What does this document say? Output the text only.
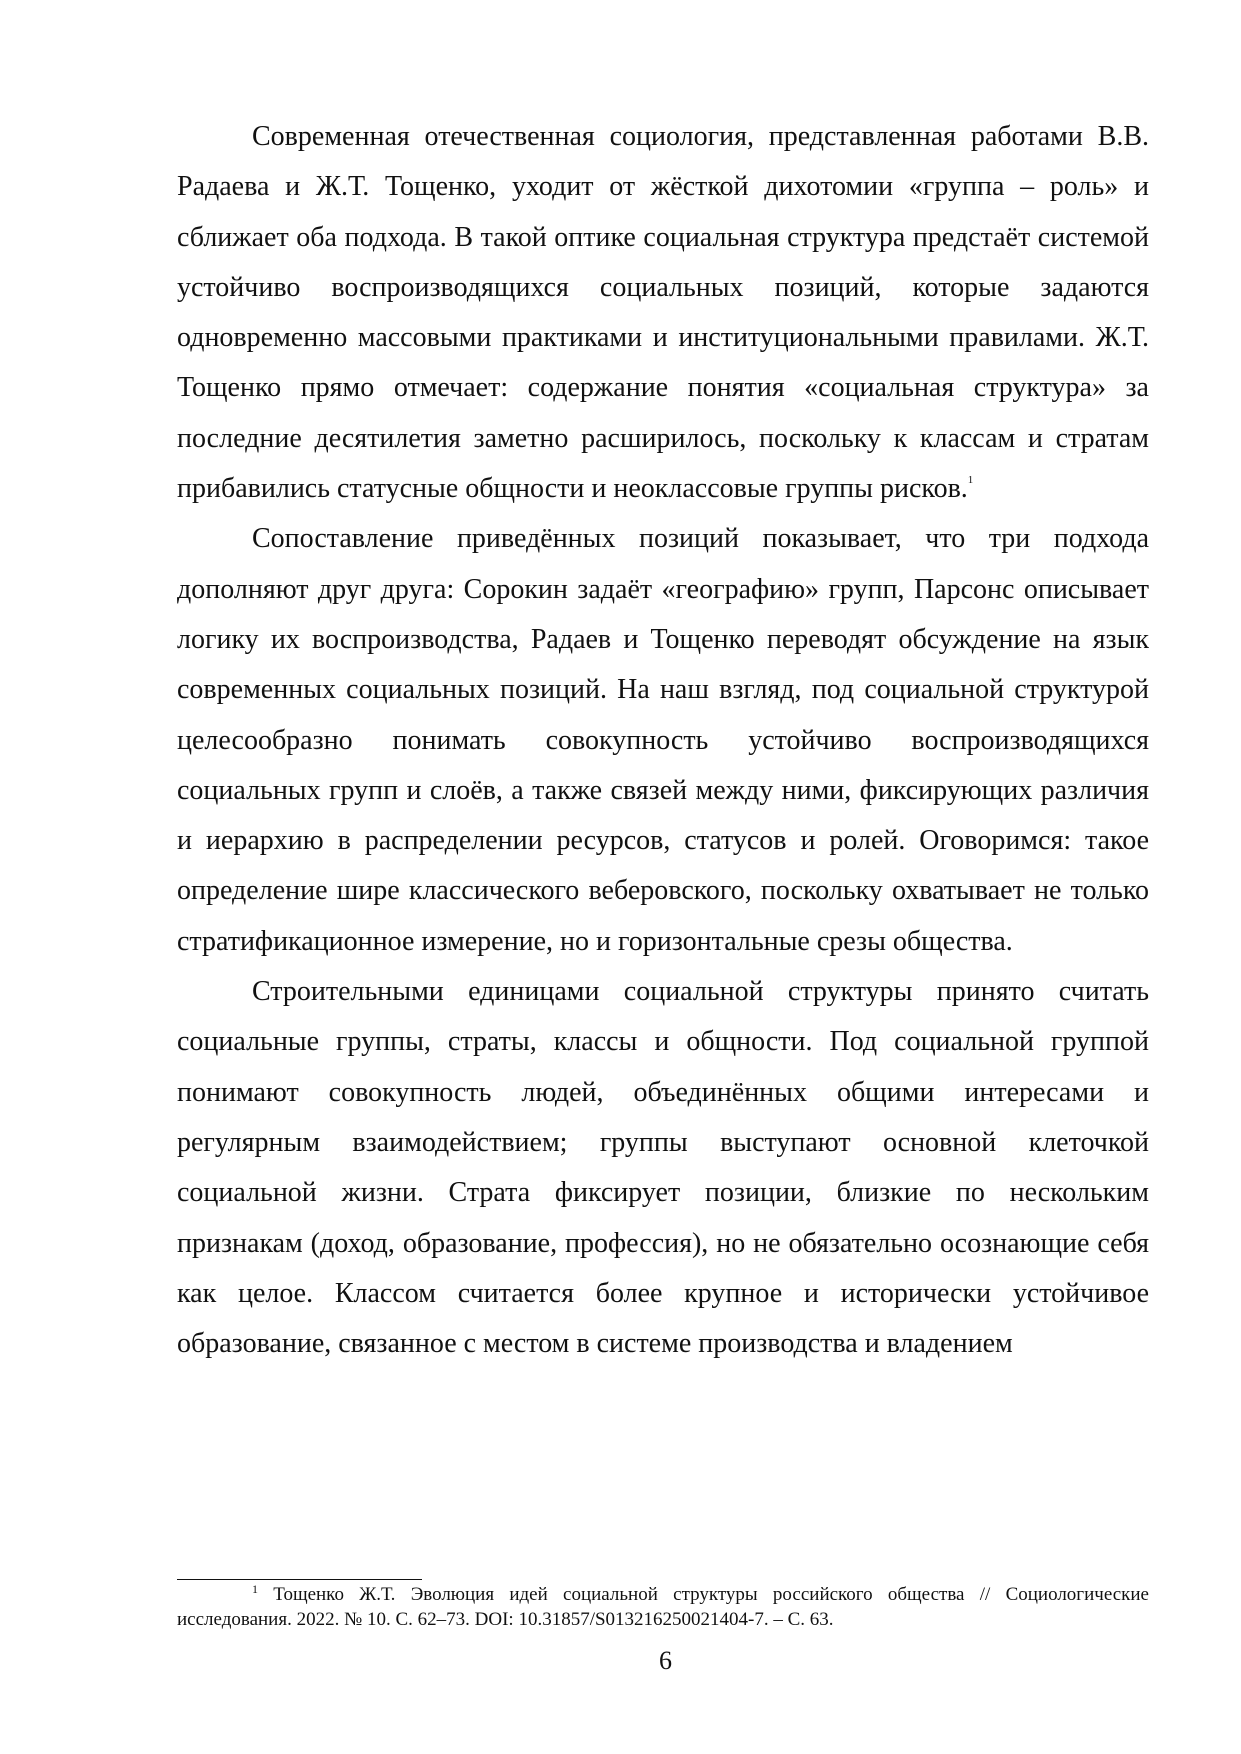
Современная отечественная социология, представленная работами В.В. Радаева и Ж.Т. Тощенко, уходит от жёсткой дихотомии «группа – роль» и сближает оба подхода. В такой оптике социальная структура предстаёт системой устойчиво воспроизводящихся социальных позиций, которые задаются одновременно массовыми практиками и институциональными правилами. Ж.Т. Тощенко прямо отмечает: содержание понятия «социальная структура» за последние десятилетия заметно расширилось, поскольку к классам и стратам прибавились статусные общности и неоклассовые группы рисков.$^1$

Сопоставление приведённых позиций показывает, что три подхода дополняют друг друга: Сорокин задаёт «географию» групп, Парсонс описывает логику их воспроизводства, Радаев и Тощенко переводят обсуждение на язык современных социальных позиций. На наш взгляд, под социальной структурой целесообразно понимать совокупность устойчиво воспроизводящихся социальных групп и слоёв, а также связей между ними, фиксирующих различия и иерархию в распределении ресурсов, статусов и ролей. Оговоримся: такое определение шире классического веберовского, поскольку охватывает не только стратификационное измерение, но и горизонтальные срезы общества.

Строительными единицами социальной структуры принято считать социальные группы, страты, классы и общности. Под социальной группой понимают совокупность людей, объединённых общими интересами и регулярным взаимодействием; группы выступают основной клеточкой социальной жизни. Страта фиксирует позиции, близкие по нескольким признакам (доход, образование, профессия), но не обязательно осознающие себя как целое. Классом считается более крупное и исторически устойчивое образование, связанное с местом в системе производства и владением

$^1$ Тощенко Ж.Т. Эволюция идей социальной структуры российского общества // Социологические исследования. 2022. № 10. С. 62–73. DOI: 10.31857/S013216250021404-7. – С. 63.
6
